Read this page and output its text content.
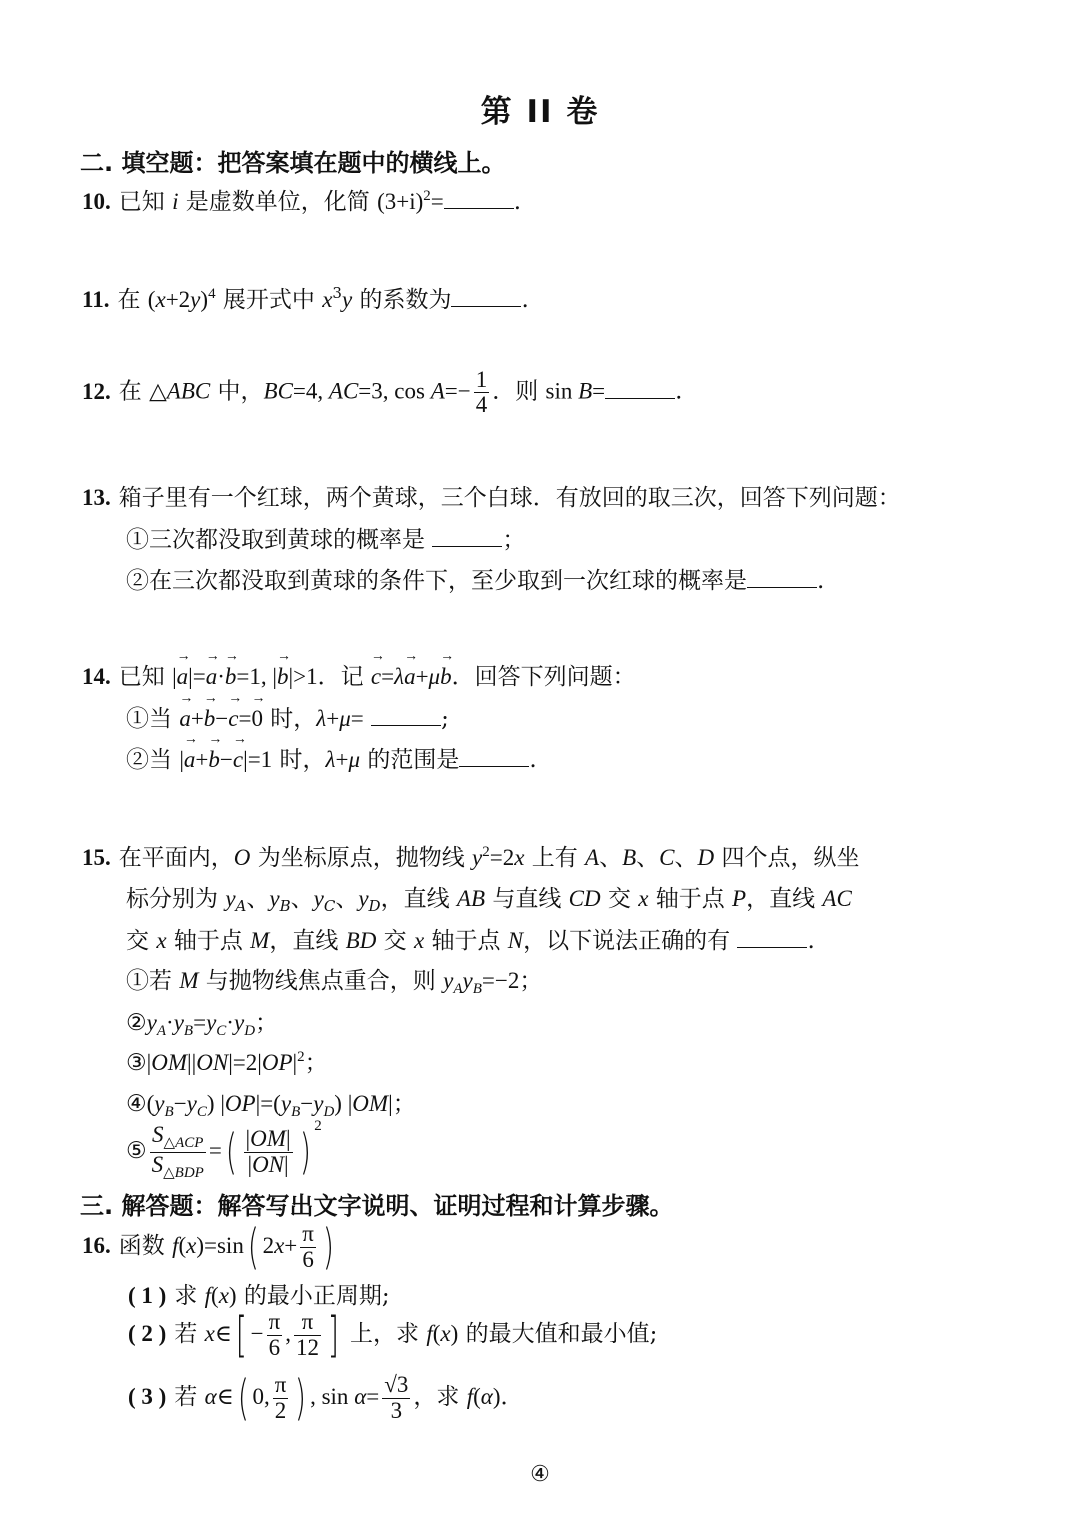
第 II 卷
二. 填空题：把答案填在题中的横线上。
10. 已知 i 是虚数单位，化简 $(3+i)^2=$	.
11. 在 $(x+2y)^4$ 展开式中 $x^3y$ 的系数为	.
12. 在 △ABC 中，BC=4, AC=3, $\cos A=- \frac{1}{4}$ ．则 sin B=	.
13. 箱子里有一个红球，两个黄球，三个白球．有放回的取三次，回答下列问题：
①三次都没取到黄球的概率是	；
②在三次都没取到黄球的条件下，至少取到一次红球的概率是	.
14. 已知 |→ a|=→ a·→ b=1, |→ b|>1．记 → c=λ→ a+μ→ b．回答下列问题：
①当 → a+→ b−→ c=→ 0 时，λ+μ=	;
②当 |→ a+→ b−→ c|=1 时，λ+μ 的范围是	.
15. 在平面内，O 为坐标原点，抛物线 $y^2=2x$ 上有 A、B、C、D 四个点，纵坐
标分别为 $y_A$、$y_B$、$y_C$、$y_D$，直线 AB 与直线 CD 交 x 轴于点 P，直线 AC
交 x 轴于点 M，直线 BD 交 x 轴于点 N，以下说法正确的有	.
①若 M 与抛物线焦点重合，则 $y_Ay_B=-2$；
$②y_A\cdot y_B=y_C\cdot y_D$；
$③|OM||ON|=2|OP|^2$；
$④(y_B-y_C)$ $|OP|=(y_B-y_D)$ |OM|；
⑤ $\frac{S_{\triangle ACP}}{S_{\triangle BDP}}$ =( $\frac{|OM|}{|ON|}$ ) $^2$
三. 解答题：解答写出文字说明、证明过程和计算步骤。
16. 函数 f(x)=sin( $2x+ \frac{\pi}{6}$ )
( 1 ) 求 f(x) 的最小正周期;
( 2 ) 若 x∈[ − $\frac{\pi}{6}$ , $\frac{\pi}{12}$ ] 上，求 f(x) 的最大值和最小值;
( 3 ) 若 α∈( 0, $\frac{\pi}{2}$ ) , $\sin \alpha= \frac{√3}{3}$ ，求 f(α)．
④
